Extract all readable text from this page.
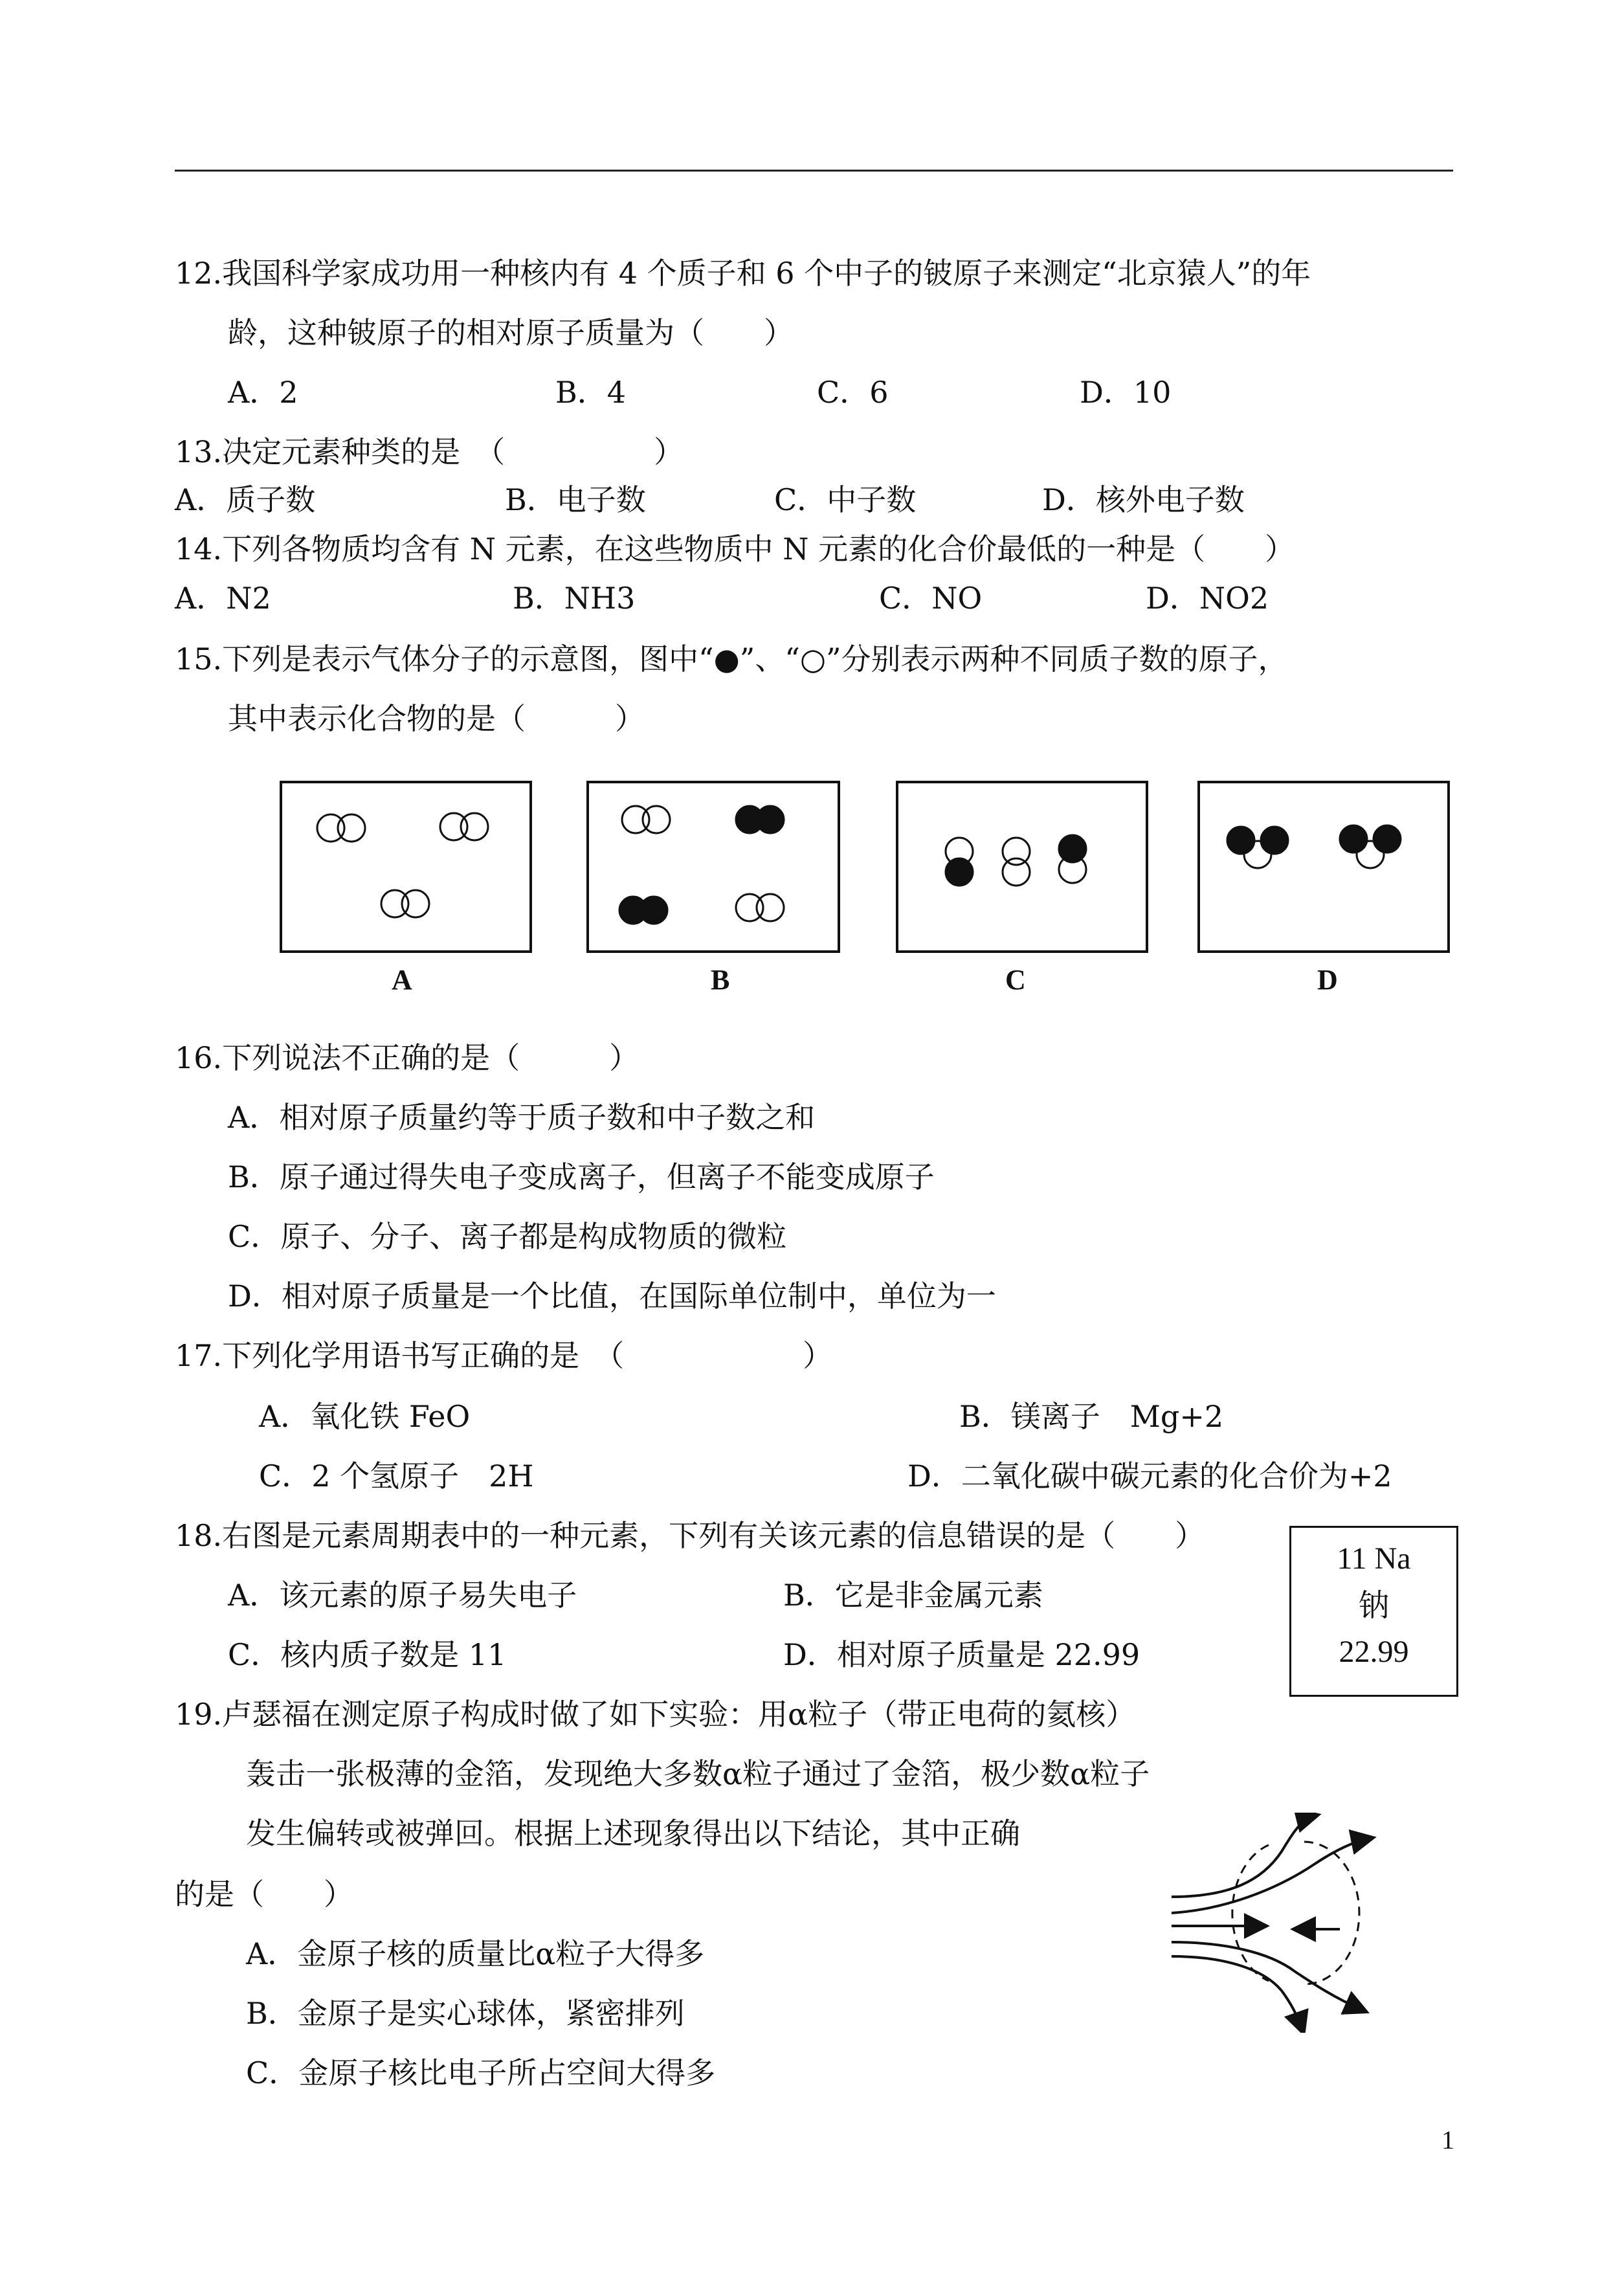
12.我国科学家成功用一种核内有 4 个质子和 6 个中子的铍原子来测定“北京猿人”的年
龄，这种铍原子的相对原子质量为（　　）
A．2	B．4	C．6	D．10
13.决定元素种类的是　（　　　　　）
A．质子数	B．电子数	C．中子数	D．核外电子数
14.下列各物质均含有 N 元素，在这些物质中 N 元素的化合价最低的一种是（　　）
A．N2	B．NH3	C．NO	D．NO2
15.下列是表示气体分子的示意图，图中“●”、“○”分别表示两种不同质子数的原子，
其中表示化合物的是（　　　）
A	B	C	D
16.下列说法不正确的是（　　　）
A．相对原子质量约等于质子数和中子数之和
B．原子通过得失电子变成离子，但离子不能变成原子
C．原子、分子、离子都是构成物质的微粒
D．相对原子质量是一个比值，在国际单位制中，单位为一
17.下列化学用语书写正确的是　（　　　　　　）
A．氧化铁 FeO	B．镁离子　Mg+2
C．2 个氢原子　2H	D．二氧化碳中碳元素的化合价为+2
18.右图是元素周期表中的一种元素，下列有关该元素的信息错误的是（　　）
A．该元素的原子易失电子	B．它是非金属元素
C．核内质子数是 11	D．相对原子质量是 22.99
11 Na
钠
22.99
19.卢瑟福在测定原子构成时做了如下实验：用α粒子（带正电荷的氦核）
轰击一张极薄的金箔，发现绝大多数α粒子通过了金箔，极少数α粒子
发生偏转或被弹回。根据上述现象得出以下结论，其中正确
的是（　　）
A．金原子核的质量比α粒子大得多
B．金原子是实心球体，紧密排列
C．金原子核比电子所占空间大得多
1
